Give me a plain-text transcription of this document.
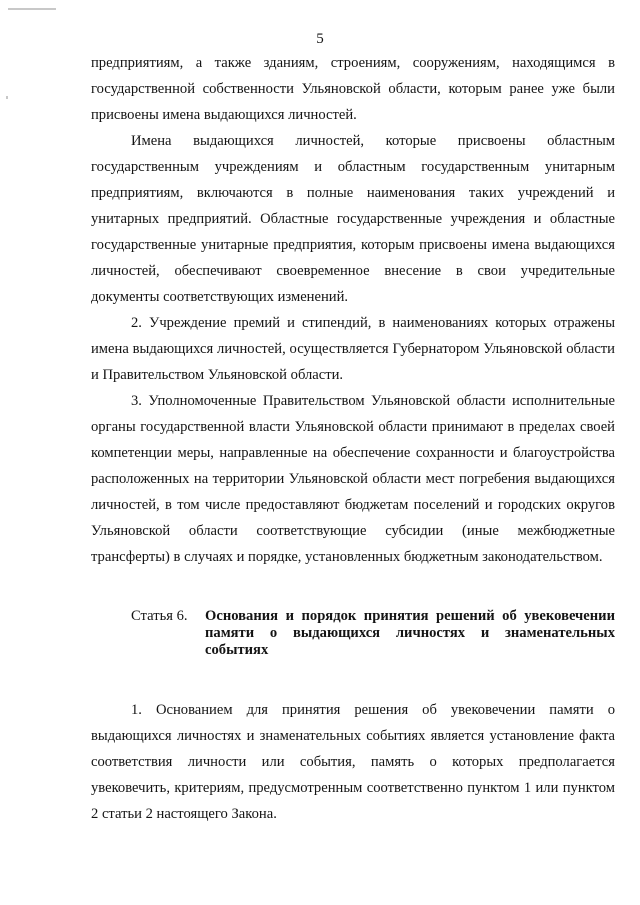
5

предприятиям, а также зданиям, строениям, сооружениям, находящимся в государственной собственности Ульяновской области, которым ранее уже были присвоены имена выдающихся личностей.

Имена выдающихся личностей, которые присвоены областным государственным учреждениям и областным государственным унитарным предприятиям, включаются в полные наименования таких учреждений и унитарных предприятий. Областные государственные учреждения и областные государственные унитарные предприятия, которым присвоены имена выдающихся личностей, обеспечивают своевременное внесение в свои учредительные документы соответствующих изменений.

2. Учреждение премий и стипендий, в наименованиях которых отражены имена выдающихся личностей, осуществляется Губернатором Ульяновской области и Правительством Ульяновской области.

3. Уполномоченные Правительством Ульяновской области исполнительные органы государственной власти Ульяновской области принимают в пределах своей компетенции меры, направленные на обеспечение сохранности и благоустройства расположенных на территории Ульяновской области мест погребения выдающихся личностей, в том числе предоставляют бюджетам поселений и городских округов Ульяновской области соответствующие субсидии (иные межбюджетные трансферты) в случаях и порядке, установленных бюджетным законодательством.

Статья 6.	Основания и порядок принятия решений об увековечении памяти о выдающихся личностях и знаменательных событиях

1. Основанием для принятия решения об увековечении памяти о выдающихся личностях и знаменательных событиях является установление факта соответствия личности или события, память о которых предполагается увековечить, критериям, предусмотренным соответственно пунктом 1 или пунктом 2 статьи 2 настоящего Закона.
